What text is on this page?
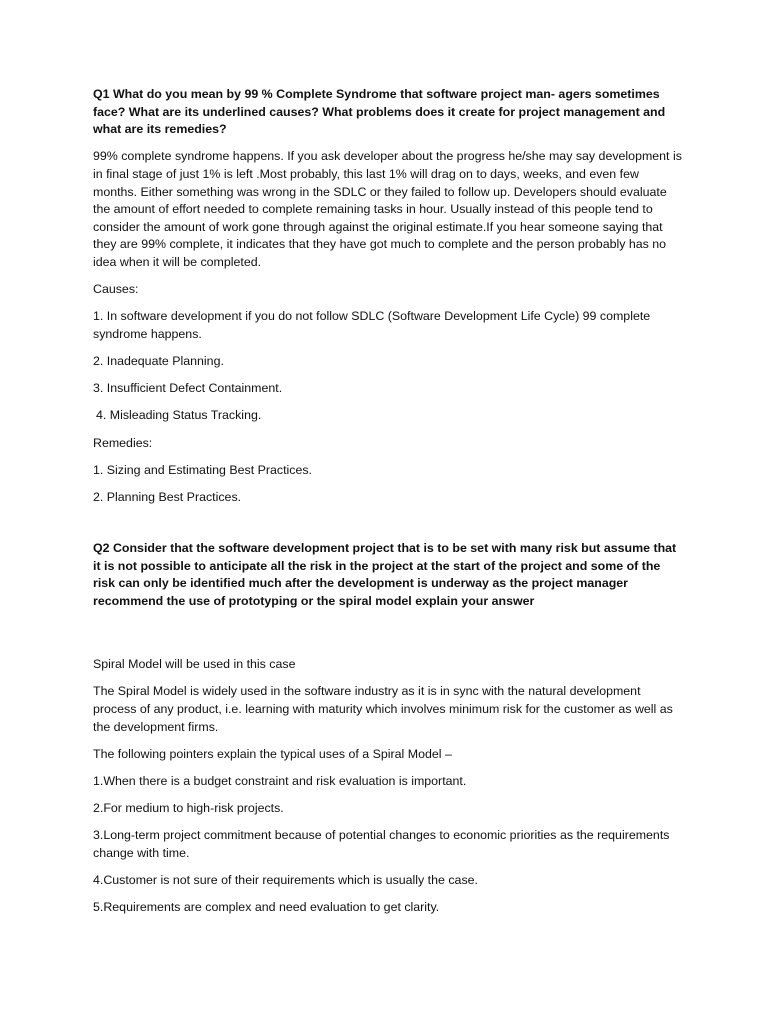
Q1 What do you mean by 99 % Complete Syndrome that software project man- agers sometimes face? What are its underlined causes? What problems does it create for project management and what are its remedies?

99% complete syndrome happens. If you ask developer about the progress he/she may say development is in final stage of just 1% is left .Most probably, this last 1% will drag on to days, weeks, and even few months. Either something was wrong in the SDLC or they failed to follow up. Developers should evaluate the amount of effort needed to complete remaining tasks in hour. Usually instead of this people tend to consider the amount of work gone through against the original estimate.If you hear someone saying that they are 99% complete, it indicates that they have got much to complete and the person probably has no idea when it will be completed.

Causes:

1. In software development if you do not follow SDLC (Software Development Life Cycle) 99 complete syndrome happens.

2. Inadequate Planning.

3. Insufficient Defect Containment.

4. Misleading Status Tracking.

Remedies:

1. Sizing and Estimating Best Practices.

2. Planning Best Practices.

Q2 Consider that the software development project that is to be set with many risk but assume that it is not possible to anticipate all the risk in the project at the start of the project and some of the risk can only be identified much after the development is underway as the project manager recommend the use of prototyping or the spiral model explain your answer

Spiral Model will be used in this case

The Spiral Model is widely used in the software industry as it is in sync with the natural development process of any product, i.e. learning with maturity which involves minimum risk for the customer as well as the development firms.

The following pointers explain the typical uses of a Spiral Model –

1.When there is a budget constraint and risk evaluation is important.

2.For medium to high-risk projects.

3.Long-term project commitment because of potential changes to economic priorities as the requirements change with time.

4.Customer is not sure of their requirements which is usually the case.

5.Requirements are complex and need evaluation to get clarity.
